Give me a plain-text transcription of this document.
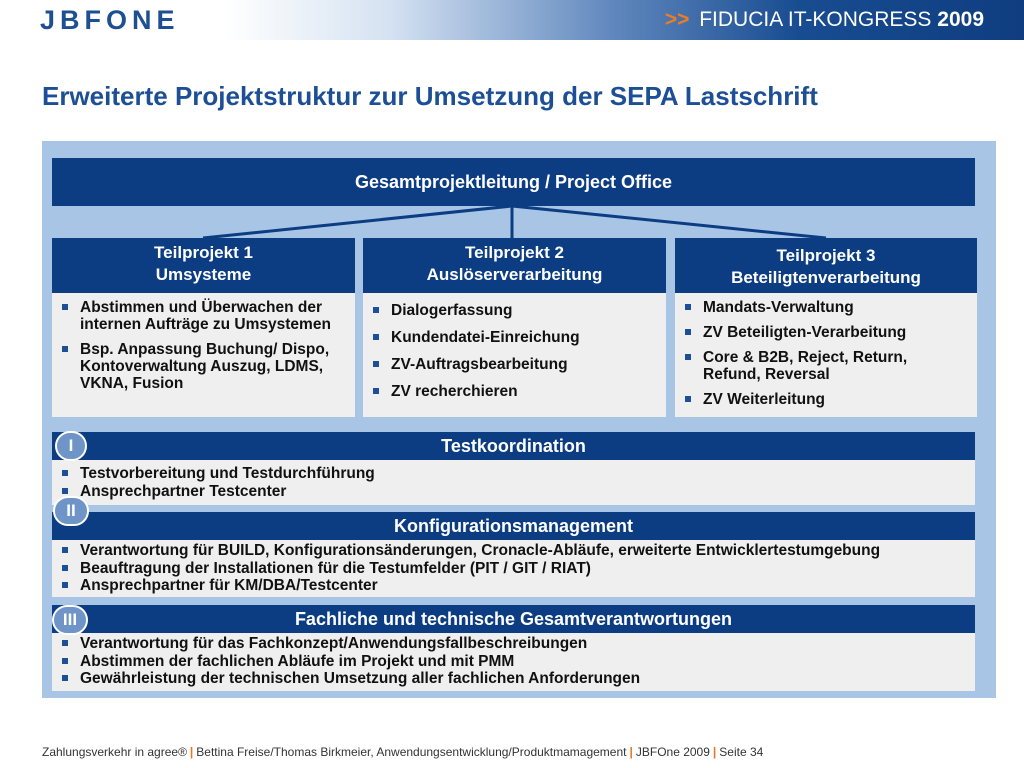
JBFONE	>> FIDUCIA IT-KONGRESS 2009
Erweiterte Projektstruktur zur Umsetzung der SEPA Lastschrift
Gesamtprojektleitung / Project Office
Teilprojekt 1
Umsysteme
Abstimmen und Überwachen der internen Aufträge zu Umsystemen
Bsp. Anpassung Buchung/ Dispo, Kontoverwaltung Auszug, LDMS, VKNA, Fusion
Teilprojekt 2
Auslöserverarbeitung
Dialogerfassung
Kundendatei-Einreichung
ZV-Auftragsbearbeitung
ZV recherchieren
Teilprojekt 3
Beteiligtenverarbeitung
Mandats-Verwaltung
ZV Beteiligten-Verarbeitung
Core & B2B, Reject, Return, Refund, Reversal
ZV Weiterleitung
Testkoordination
Testvorbereitung und Testdurchführung
Ansprechpartner Testcenter
I
Konfigurationsmanagement
Verantwortung für BUILD, Konfigurationsänderungen, Cronacle-Abläufe, erweiterte Entwicklertestumgebung
Beauftragung der Installationen für die Testumfelder (PIT / GIT / RIAT)
Ansprechpartner für KM/DBA/Testcenter
II
Fachliche und technische Gesamtverantwortungen
Verantwortung für das Fachkonzept/Anwendungsfallbeschreibungen
Abstimmen der fachlichen Abläufe im Projekt und mit PMM
Gewährleistung der technischen Umsetzung aller fachlichen Anforderungen
III
Zahlungsverkehr in agree® | Bettina Freise/Thomas Birkmeier, Anwendungsentwicklung/Produktmamagement | JBFOne 2009 | Seite 34
